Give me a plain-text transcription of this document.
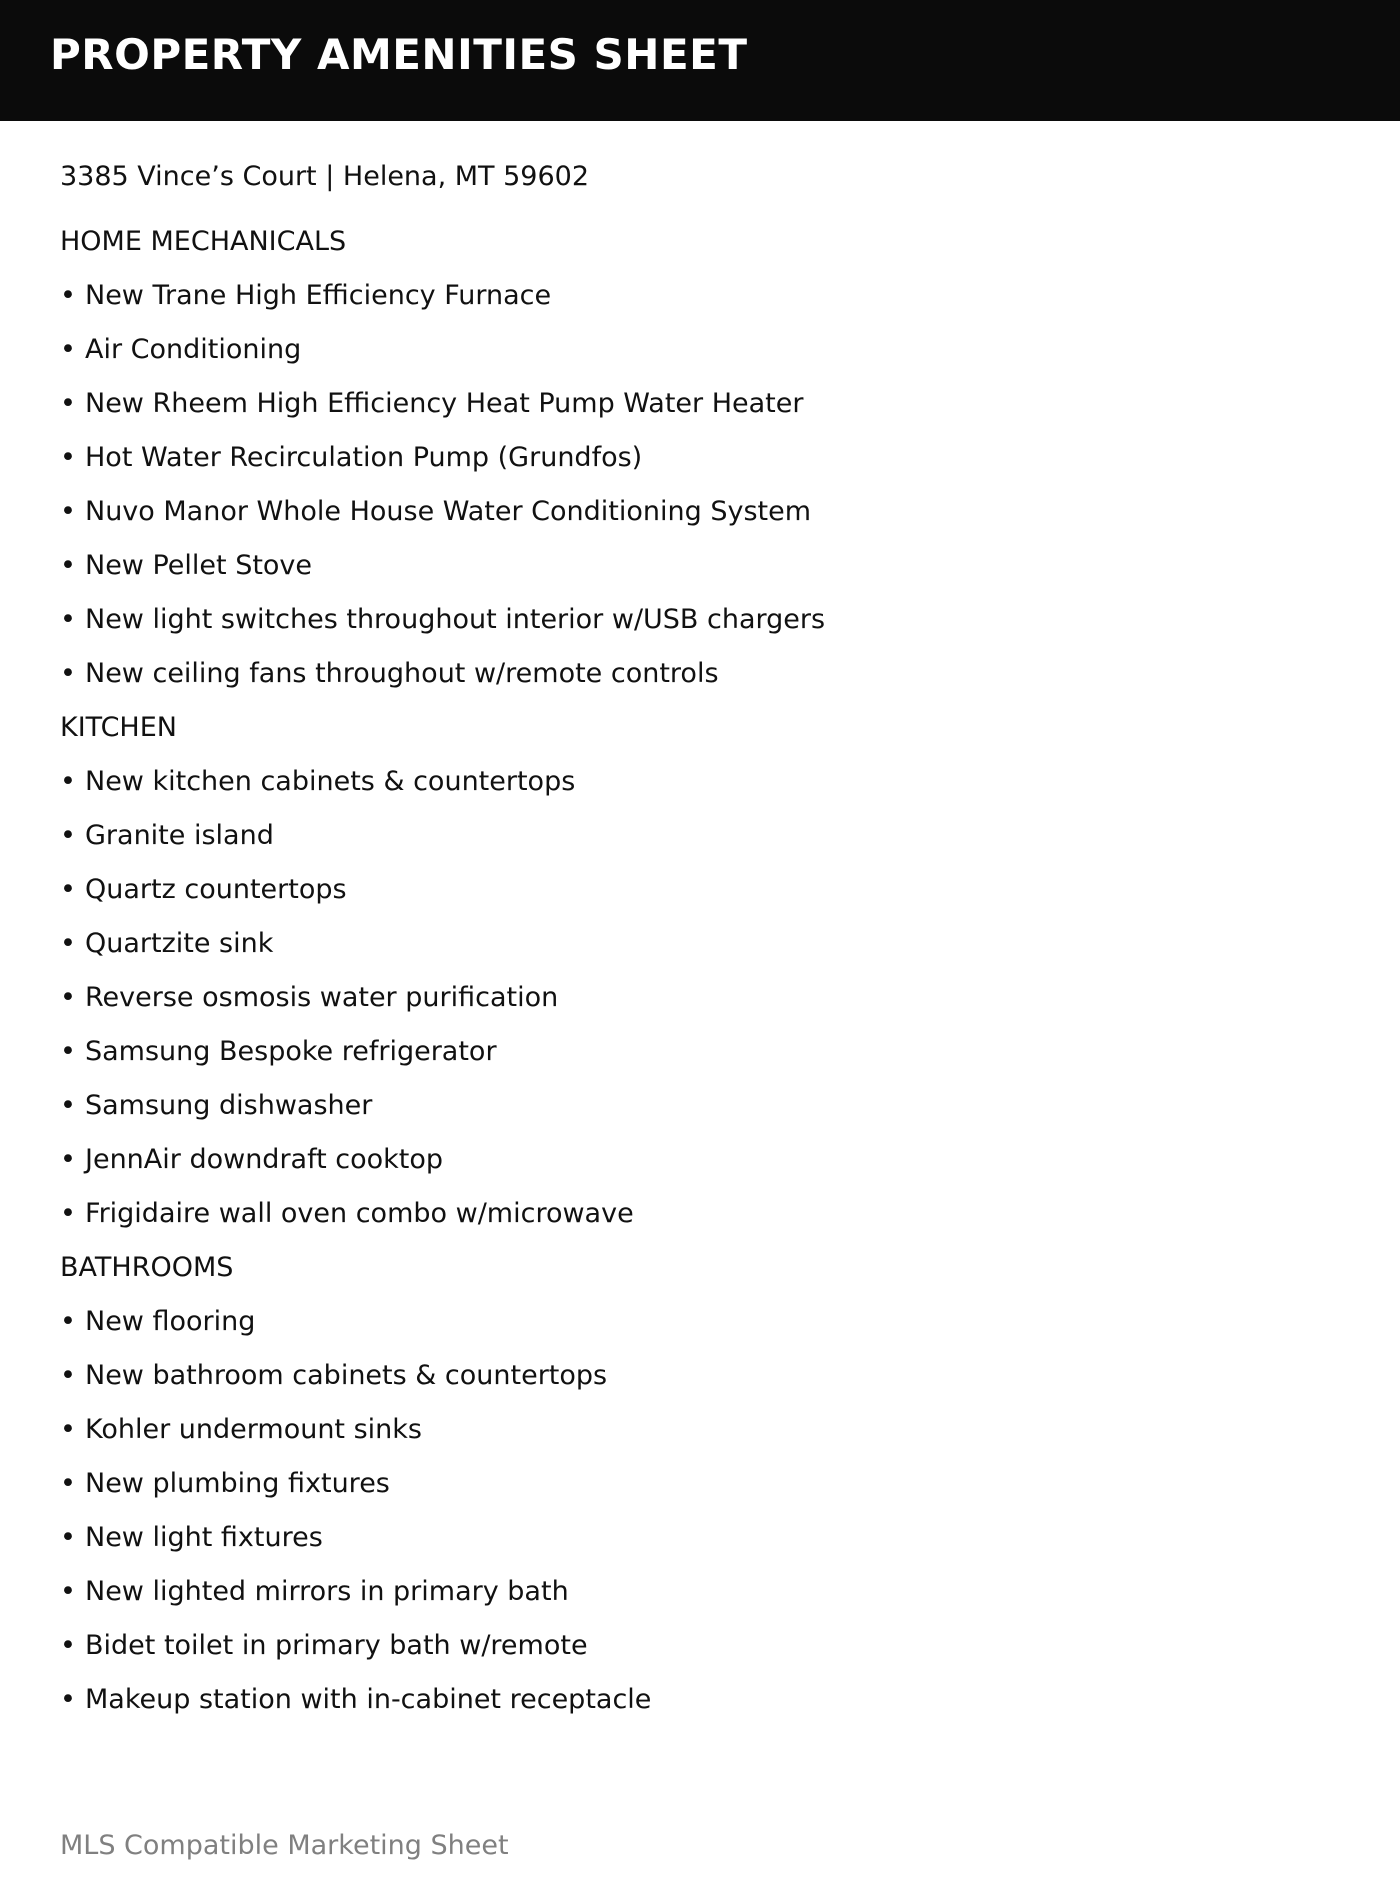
PROPERTY AMENITIES SHEET
3385 Vince’s Court | Helena, MT 59602
HOME MECHANICALS
• New Trane High Efficiency Furnace
• Air Conditioning
• New Rheem High Efficiency Heat Pump Water Heater
• Hot Water Recirculation Pump (Grundfos)
• Nuvo Manor Whole House Water Conditioning System
• New Pellet Stove
• New light switches throughout interior w/USB chargers
• New ceiling fans throughout w/remote controls
KITCHEN
• New kitchen cabinets & countertops
• Granite island
• Quartz countertops
• Quartzite sink
• Reverse osmosis water purification
• Samsung Bespoke refrigerator
• Samsung dishwasher
• JennAir downdraft cooktop
• Frigidaire wall oven combo w/microwave
BATHROOMS
• New flooring
• New bathroom cabinets & countertops
• Kohler undermount sinks
• New plumbing fixtures
• New light fixtures
• New lighted mirrors in primary bath
• Bidet toilet in primary bath w/remote
• Makeup station with in-cabinet receptacle
MLS Compatible Marketing Sheet
